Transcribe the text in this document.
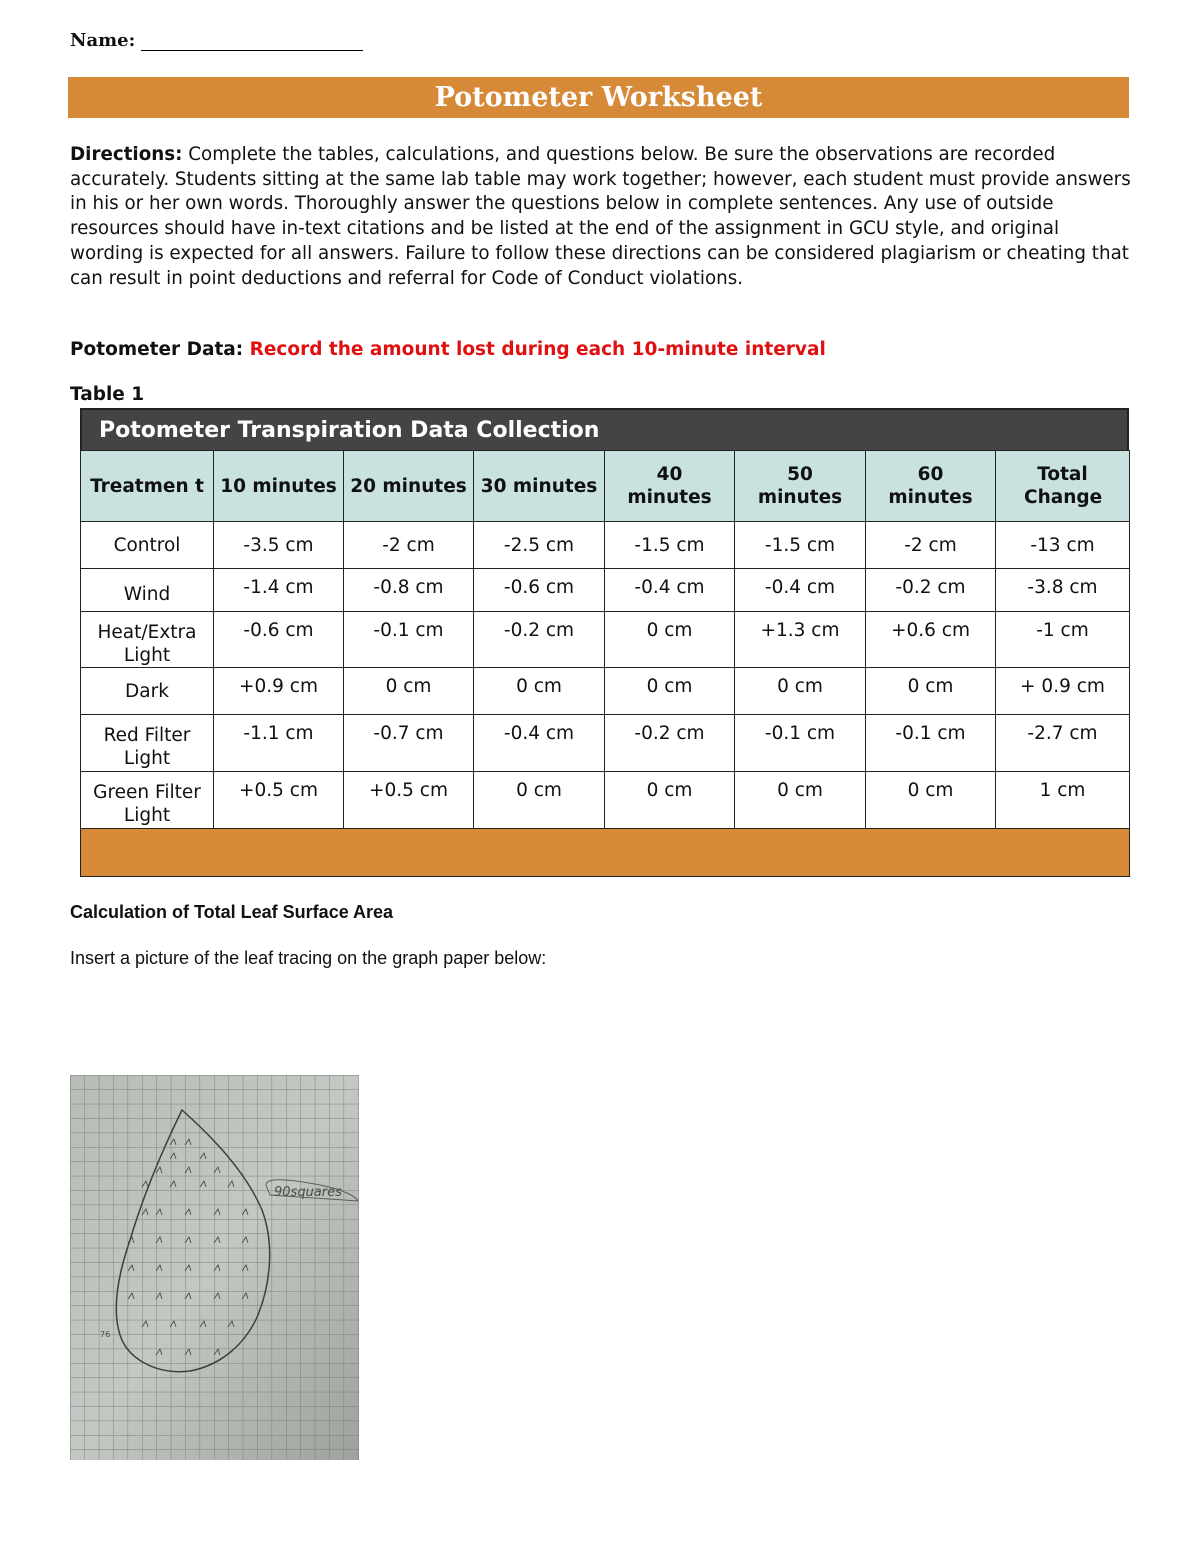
Name:
Potometer Worksheet
Directions: Complete the tables, calculations, and questions below. Be sure the observations are recorded accurately. Students sitting at the same lab table may work together; however, each student must provide answers in his or her own words. Thoroughly answer the questions below in complete sentences. Any use of outside resources should have in-text citations and be listed at the end of the assignment in GCU style, and original wording is expected for all answers. Failure to follow these directions can be considered plagiarism or cheating that can result in point deductions and referral for Code of Conduct violations.
Potometer Data: Record the amount lost during each 10-minute interval
Table 1
Potometer Transpiration Data Collection
Treatmen t	10 minutes	20 minutes	30 minutes	40 minutes	50 minutes	60 minutes	Total Change
Control	-3.5 cm	-2 cm	-2.5 cm	-1.5 cm	-1.5 cm	-2 cm	-13 cm
Wind	-1.4 cm	-0.8 cm	-0.6 cm	-0.4 cm	-0.4 cm	-0.2 cm	-3.8 cm
Heat/Extra Light	-0.6 cm	-0.1 cm	-0.2 cm	0 cm	+1.3 cm	+0.6 cm	-1 cm
Dark	+0.9 cm	0 cm	0 cm	0 cm	0 cm	0 cm	+ 0.9 cm
Red Filter Light	-1.1 cm	-0.7 cm	-0.4 cm	-0.2 cm	-0.1 cm	-0.1 cm	-2.7 cm
Green Filter Light	+0.5 cm	+0.5 cm	0 cm	0 cm	0 cm	0 cm	1 cm

Calculation of Total Leaf Surface Area
Insert a picture of the leaf tracing on the graph paper below:
90squares
76
